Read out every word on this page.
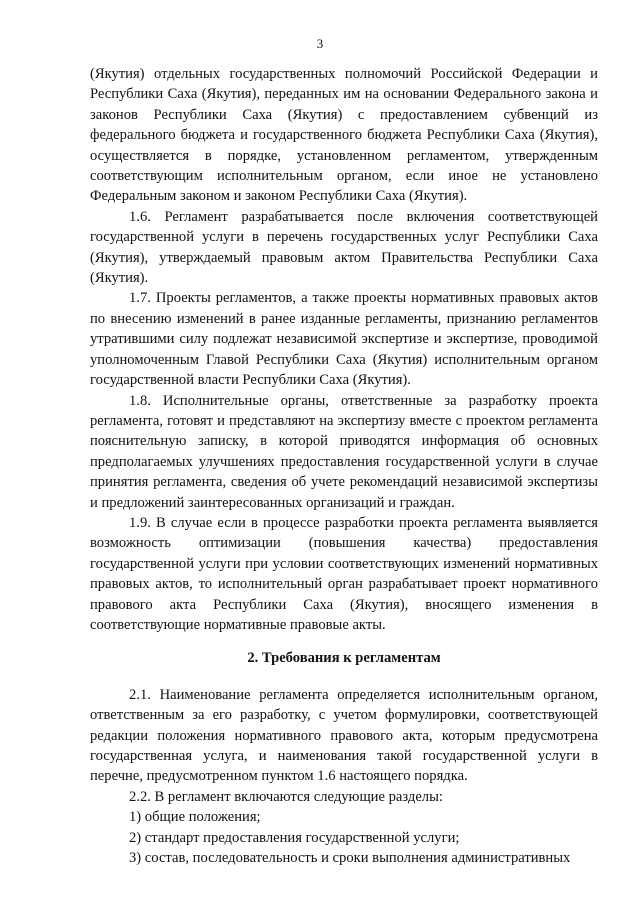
3

(Якутия) отдельных государственных полномочий Российской Федерации и Республики Саха (Якутия), переданных им на основании Федерального закона и законов Республики Саха (Якутия) с предоставлением субвенций из федерального бюджета и государственного бюджета Республики Саха (Якутия), осуществляется в порядке, установленном регламентом, утвержденным соответствующим исполнительным органом, если иное не установлено Федеральным законом и законом Республики Саха (Якутия).

1.6. Регламент разрабатывается после включения соответствующей государственной услуги в перечень государственных услуг Республики Саха (Якутия), утверждаемый правовым актом Правительства Республики Саха (Якутия).

1.7. Проекты регламентов, а также проекты нормативных правовых актов по внесению изменений в ранее изданные регламенты, признанию регламентов утратившими силу подлежат независимой экспертизе и экспертизе, проводимой уполномоченным Главой Республики Саха (Якутия) исполнительным органом государственной власти Республики Саха (Якутия).

1.8. Исполнительные органы, ответственные за разработку проекта регламента, готовят и представляют на экспертизу вместе с проектом регламента пояснительную записку, в которой приводятся информация об основных предполагаемых улучшениях предоставления государственной услуги в случае принятия регламента, сведения об учете рекомендаций независимой экспертизы и предложений заинтересованных организаций и граждан.

1.9. В случае если в процессе разработки проекта регламента выявляется возможность оптимизации (повышения качества) предоставления государственной услуги при условии соответствующих изменений нормативных правовых актов, то исполнительный орган разрабатывает проект нормативного правового акта Республики Саха (Якутия), вносящего изменения в соответствующие нормативные правовые акты.

2. Требования к регламентам

2.1. Наименование регламента определяется исполнительным органом, ответственным за его разработку, с учетом формулировки, соответствующей редакции положения нормативного правового акта, которым предусмотрена государственная услуга, и наименования такой государственной услуги в перечне, предусмотренном пунктом 1.6 настоящего порядка.

2.2. В регламент включаются следующие разделы:

1) общие положения;

2) стандарт предоставления государственной услуги;

3) состав, последовательность и сроки выполнения административных
